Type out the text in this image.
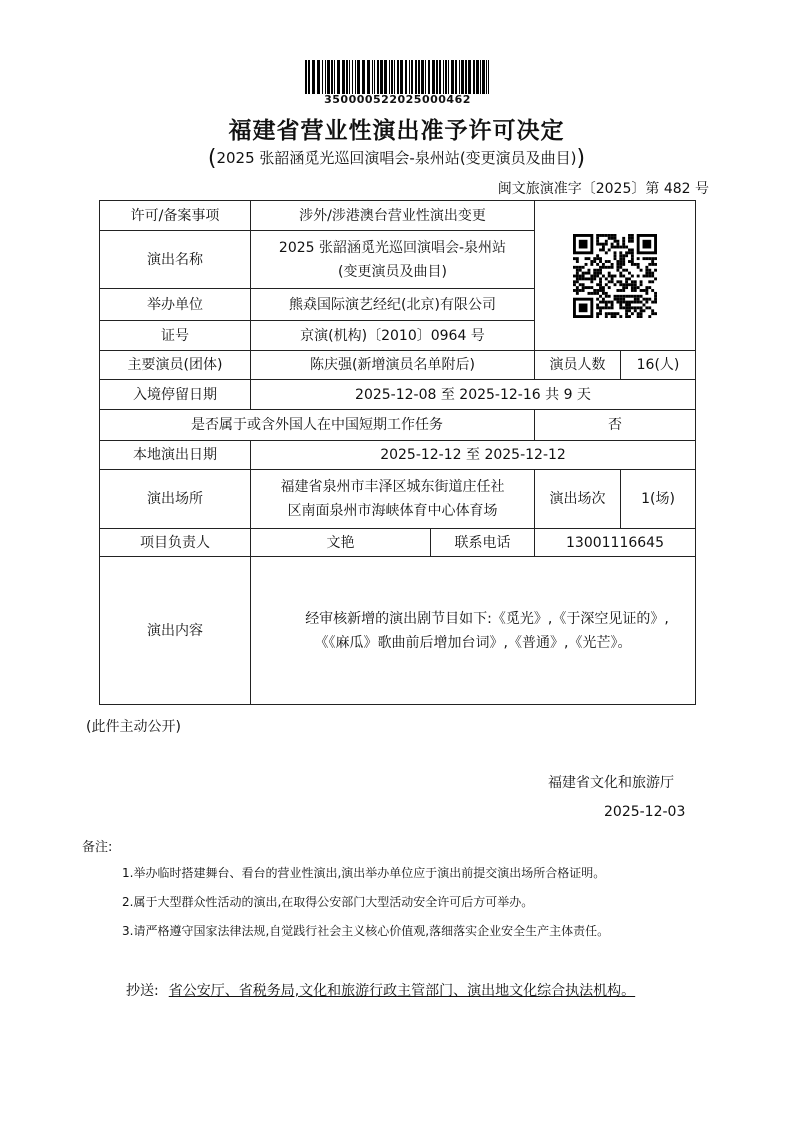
350000522025000462
福建省营业性演出准予许可决定
(2025 张韶涵觅光巡回演唱会-泉州站(变更演员及曲目))
闽文旅演准字〔2025〕第 482 号
许可/备案事项	涉外/涉港澳台营业性演出变更	

演出名称	2025 张韶涵觅光巡回演唱会-泉州站
(变更演员及曲目)			

举办单位	熊猋国际演艺经纪(北京)有限公司			
证号	京演(机构)〔2010〕0964 号			
主要演员(团体)	陈庆强(新增演员名单附后)		演员人数	16(人)
入境停留日期	2025-12-08 至 2025-12-16 共 9 天			
是否属于或含外国人在中国短期工作任务			否	
本地演出日期	2025-12-12 至 2025-12-12			
演出场所	福建省泉州市丰泽区城东街道庄任社
区南面泉州市海峡体育中心体育场		演出场次	1(场)
项目负责人	文艳	联系电话	13001116645	
演出内容	经审核新增的演出剧节目如下:《觅光》,《于深空见证的》,

《《麻瓜》歌曲前后增加台词》,《普通》,《光芒》。			
(此件主动公开)
福建省文化和旅游厅
2025-12-03
备注:
1.举办临时搭建舞台、看台的营业性演出,演出举办单位应于演出前提交演出场所合格证明。
2.属于大型群众性活动的演出,在取得公安部门大型活动安全许可后方可举办。
3.请严格遵守国家法律法规,自觉践行社会主义核心价值观,落细落实企业安全生产主体责任。
抄送: 省公安厅、省税务局,文化和旅游行政主管部门、演出地文化综合执法机构。
